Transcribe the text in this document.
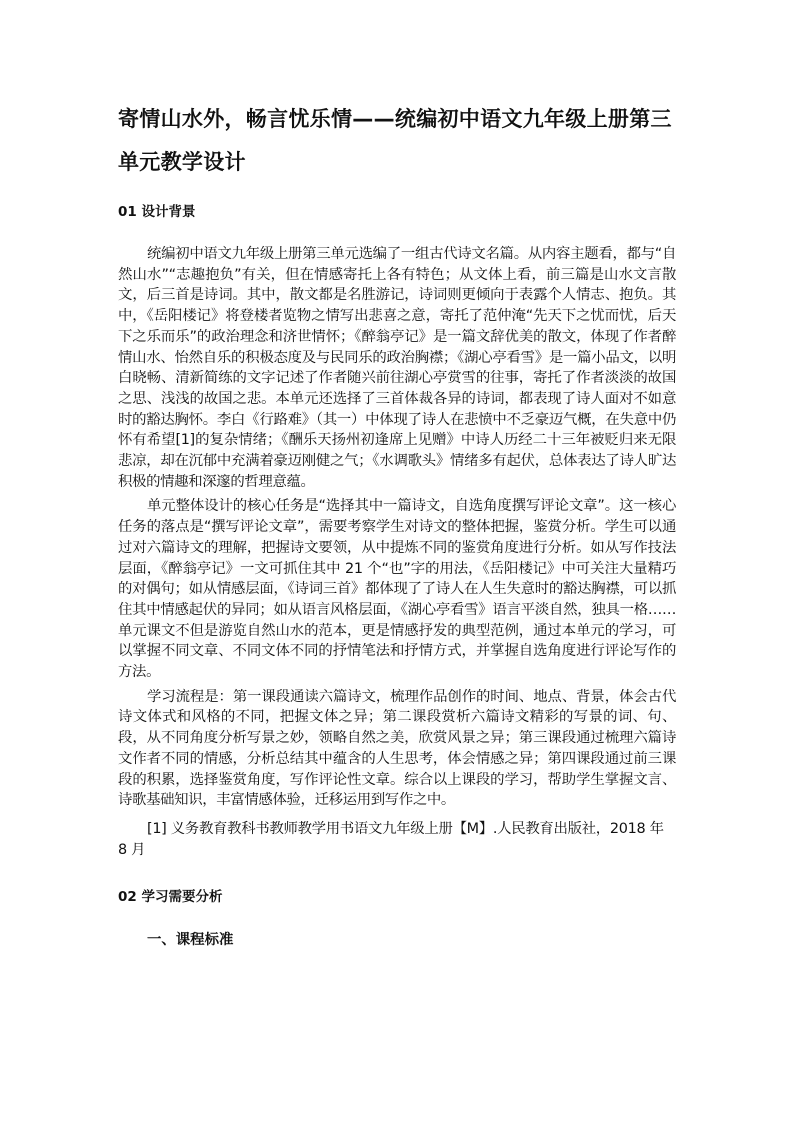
寄情山水外，畅言忧乐情——统编初中语文九年级上册第三单元教学设计
01 设计背景

统编初中语文九年级上册第三单元选编了一组古代诗文名篇。从内容主题看，都与“自然山水”“志趣抱负”有关，但在情感寄托上各有特色；从文体上看，前三篇是山水文言散文，后三首是诗词。其中，散文都是名胜游记，诗词则更倾向于表露个人情志、抱负。其中，《岳阳楼记》将登楼者览物之情写出悲喜之意，寄托了范仲淹“先天下之忧而忧，后天下之乐而乐”的政治理念和济世情怀；《醉翁亭记》是一篇文辞优美的散文，体现了作者醉情山水、怡然自乐的积极态度及与民同乐的政治胸襟；《湖心亭看雪》是一篇小品文，以明白晓畅、清新简练的文字记述了作者随兴前往湖心亭赏雪的往事，寄托了作者淡淡的故国之思、浅浅的故国之悲。本单元还选择了三首体裁各异的诗词，都表现了诗人面对不如意时的豁达胸怀。李白《行路难》（其一）中体现了诗人在悲愤中不乏豪迈气概，在失意中仍怀有希望[1]的复杂情绪；《酬乐天扬州初逢席上见赠》中诗人历经二十三年被贬归来无限悲凉，却在沉郁中充满着豪迈刚健之气；《水调歌头》情绪多有起伏，总体表达了诗人旷达积极的情趣和深邃的哲理意蕴。

单元整体设计的核心任务是“选择其中一篇诗文，自选角度撰写评论文章”。这一核心任务的落点是“撰写评论文章”，需要考察学生对诗文的整体把握，鉴赏分析。学生可以通过对六篇诗文的理解，把握诗文要领，从中提炼不同的鉴赏角度进行分析。如从写作技法层面，《醉翁亭记》一文可抓住其中 21 个“也”字的用法，《岳阳楼记》中可关注大量精巧的对偶句；如从情感层面，《诗词三首》都体现了了诗人在人生失意时的豁达胸襟，可以抓住其中情感起伏的异同；如从语言风格层面，《湖心亭看雪》语言平淡自然，独具一格……单元课文不但是游览自然山水的范本，更是情感抒发的典型范例，通过本单元的学习，可以掌握不同文章、不同文体不同的抒情笔法和抒情方式，并掌握自选角度进行评论写作的方法。

学习流程是：第一课段通读六篇诗文，梳理作品创作的时间、地点、背景，体会古代诗文体式和风格的不同，把握文体之异；第二课段赏析六篇诗文精彩的写景的词、句、段，从不同角度分析写景之妙，领略自然之美，欣赏风景之异；第三课段通过梳理六篇诗文作者不同的情感，分析总结其中蕴含的人生思考，体会情感之异；第四课段通过前三课段的积累，选择鉴赏角度，写作评论性文章。综合以上课段的学习，帮助学生掌握文言、诗歌基础知识，丰富情感体验，迁移运用到写作之中。

[1] 义务教育教科书教师教学用书语文九年级上册【M】.人民教育出版社，2018 年 8 月

02 学习需要分析
一、课程标准
